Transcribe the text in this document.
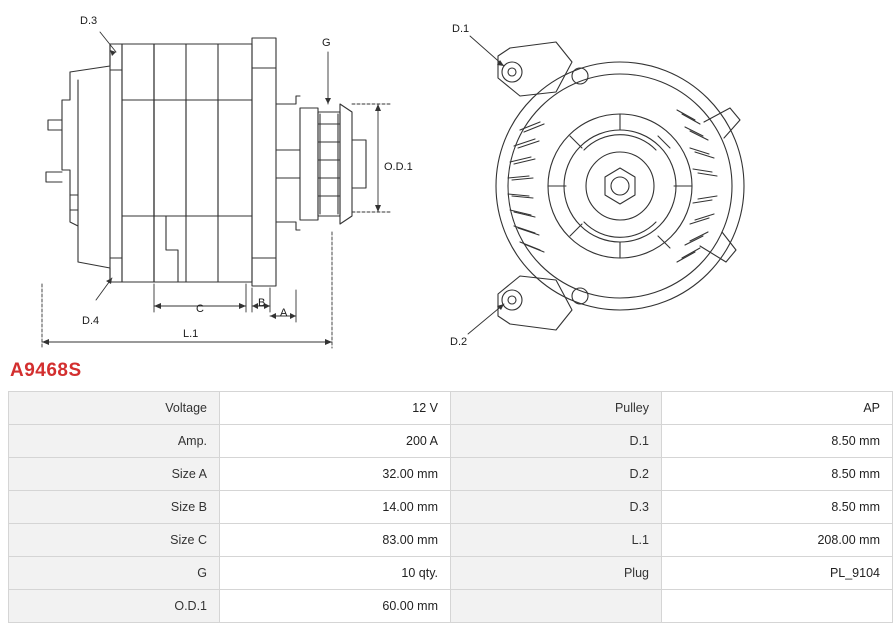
D.3
G
O.D.1
D.4
C	B
A
L.1
D.1
D.2
A9468S
Voltage	12 V	Pulley	AP
Amp.	200 A	D.1	8.50 mm
Size A	32.00 mm	D.2	8.50 mm
Size B	14.00 mm	D.3	8.50 mm
Size C	83.00 mm	L.1	208.00 mm
G	10 qty.	Plug	PL_9104
O.D.1	60.00 mm		
